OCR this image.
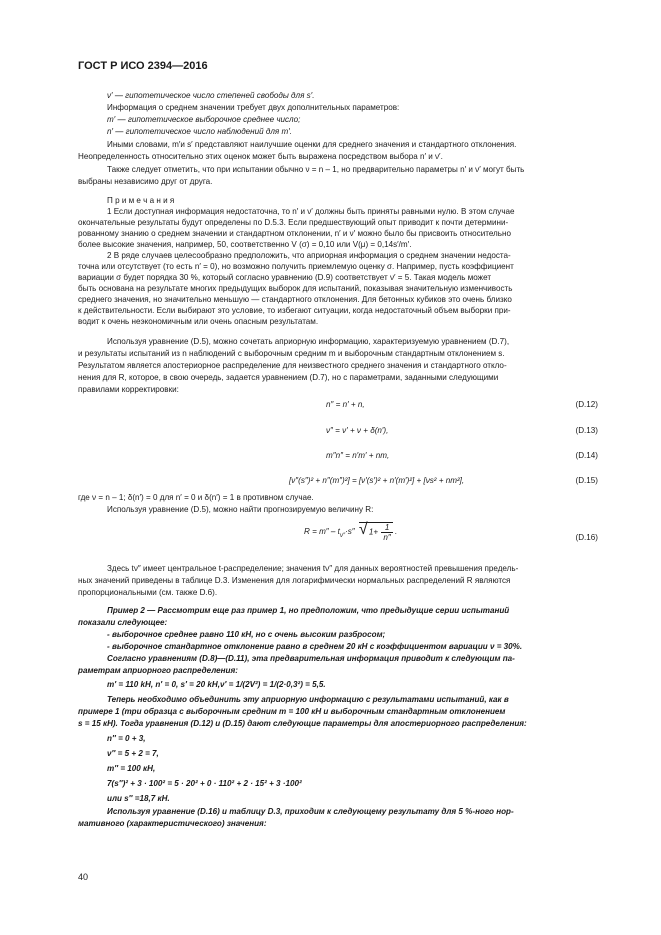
ГОСТ Р ИСО 2394—2016
ν′ — гипотетическое число степеней свободы для s′.
Информация о среднем значении требует двух дополнительных параметров:
m′ — гипотетическое выборочное среднее число;
n′ — гипотетическое число наблюдений для m′.
Иными словами, m′и s′ представляют наилучшие оценки для среднего значения и стандартного отклонения.
Неопределенность относительно этих оценок может быть выражена посредством выбора n′ и ν′.
Также следует отметить, что при испытании обычно ν = n – 1, но предварительно параметры n′ и ν′ могут быть
выбраны независимо друг от друга.
П р и м е ч а н и я
1 Если доступная информация недостаточна, то n′ и ν′ должны быть приняты равными нулю. В этом случае
окончательные результаты будут определены по D.5.3. Если предшествующий опыт приводит к почти детермини-
рованному знанию о среднем значении и стандартном отклонении, n′ и ν′ можно было бы присвоить относительно
более высокие значения, например, 50, соответственно V (σ) = 0,10 или V(μ) = 0,14s′/m′.
2 В ряде случаев целесообразно предположить, что априорная информация о среднем значении недоста-
точна или отсутствует (то есть n′ = 0), но возможно получить приемлемую оценку σ. Например, пусть коэффициент
вариации σ будет порядка 30 %, который согласно уравнению (D.9) соответствует ν′ = 5. Такая модель может
быть основана на результате многих предыдущих выборок для испытаний, показывая значительную изменчивость
среднего значения, но значительно меньшую — стандартного отклонения. Для бетонных кубиков это очень близко
к действительности. Если выбирают это условие, то избегают ситуации, когда недостаточный объем выборки при-
водит к очень неэкономичным или очень опасным результатам.
Используя уравнение (D.5), можно сочетать априорную информацию, характеризуемую уравнением (D.7),
и результаты испытаний из n наблюдений с выборочным средним m и выборочным стандартным отклонением s.
Результатом является апостериорное распределение для неизвестного среднего значения и стандартного откло-
нения для R, которое, в свою очередь, задается уравнением (D.7), но с параметрами, заданными следующими
правилами корректировки:
n″ = n′ + n,	(D.12)
ν″ = ν′ + ν + δ(n′),	(D.13)
m″n″ = n′m′ + nm,	(D.14)
[ν″(s″)² + n″(m″)²] = [ν′(s′)² + n′(m′)²] + [νs² + nm²],	(D.15)
где ν = n – 1; δ(n′) = 0 для n′ = 0 и δ(n′) = 1 в противном случае.
Используя уравнение (D.5), можно найти прогнозируемую величину R:
$R = m'' - t_{\nu''}\cdot s''$ √ $1+ \frac{1}{n''}$ .
(D.16)
Здесь tν″ имеет центральное t-распределение; значения tν″ для данных вероятностей превышения предель-
ных значений приведены в таблице D.3. Изменения для логарифмически нормальных распределений R являются
пропорциональными (см. также D.6).
Пример 2 — Рассмотрим еще раз пример 1, но предположим, что предыдущие серии испытаний
показали следующее:
- выборочное среднее равно 110 кН, но с очень высоким разбросом;
- выборочное стандартное отклонение равно в среднем 20 кН с коэффициентом вариации ν = 30%.
Согласно уравнениям (D.8)—(D.11), эта предварительная информация приводит к следующим па-
раметрам априорного распределения:
m′ = 110 kH, n′ = 0, s′ = 20 kH,ν′ = 1/(2V²) = 1/(2·0,3²) = 5,5.
Теперь необходимо объединить эту априорную информацию с результатами испытаний, как в
примере 1 (три образца с выборочным средним m = 100 кН и выборочным стандартным отклонением
s = 15 кН). Тогда уравнения (D.12) и (D.15) дают следующие параметры для апостериорного распределения:
n″ = 0 + 3,
ν″ = 5 + 2 = 7,
m″ = 100 кН,
7(s″)² + 3 · 100² = 5 · 20² + 0 · 110² + 2 · 15² + 3 ·100²
или s″ =18,7 кН.
Используя уравнение (D.16) и таблицу D.3, приходим к следующему результату для 5 %-ного нор-
мативного (характеристического) значения:
40
